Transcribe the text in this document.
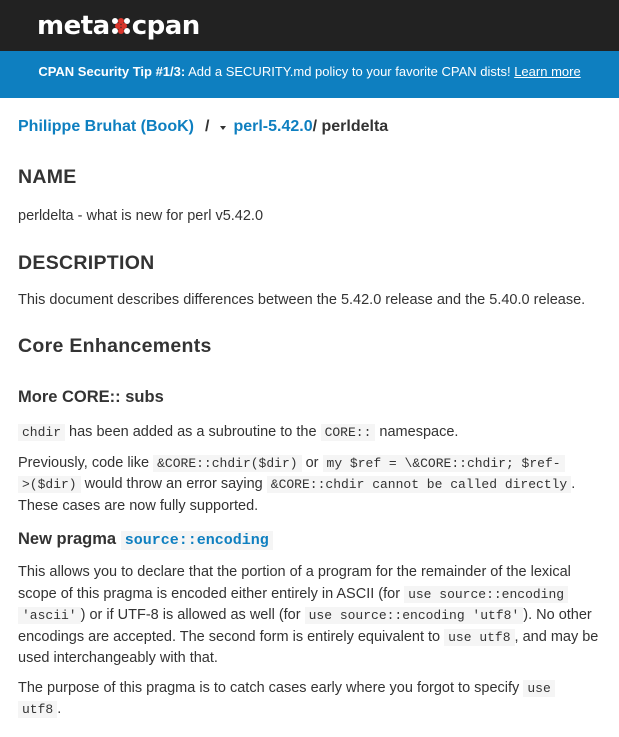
meta cpan
CPAN Security Tip #1/3: Add a SECURITY.md policy to your favorite CPAN dists! Learn more
Philippe Bruhat (BooK) / perl-5.42.0 / perldelta
NAME

perldelta - what is new for perl v5.42.0

DESCRIPTION

This document describes differences between the 5.42.0 release and the 5.40.0 release.

Core Enhancements
More CORE:: subs

chdir has been added as a subroutine to the CORE:: namespace.

Previously, code like &CORE::chdir($dir) or my $ref = \&CORE::chdir; $ref-
>($dir) would throw an error saying &CORE::chdir cannot be called directly . These cases are now fully supported.

New pragma source::encoding

This allows you to declare that the portion of a program for the remainder of the lexical scope of this pragma is encoded either entirely in ASCII (for use source::encoding
'ascii' ) or if UTF-8 is allowed as well (for use source::encoding 'utf8' ). No other encodings are accepted. The second form is entirely equivalent to use utf8 , and may be used interchangeably with that.

The purpose of this pragma is to catch cases early where you forgot to specify use
utf8 .
